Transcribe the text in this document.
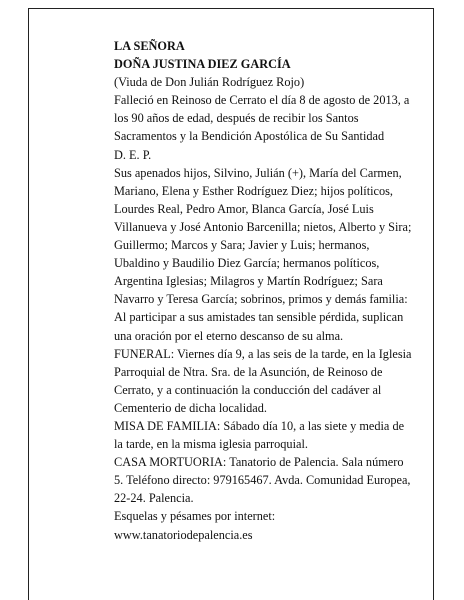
LA SEÑORA

DOÑA JUSTINA DIEZ GARCÍA

(Viuda de Don Julián Rodríguez Rojo)

Falleció en Reinoso de Cerrato el día 8 de agosto de 2013, a los 90 años de edad, después de recibir los Santos Sacramentos y la Bendición Apostólica de Su Santidad

D. E. P.

Sus apenados hijos, Silvino, Julián (+), María del Carmen, Mariano, Elena y Esther Rodríguez Diez; hijos políticos, Lourdes Real, Pedro Amor, Blanca García, José Luis Villanueva y José Antonio Barcenilla; nietos, Alberto y Sira; Guillermo; Marcos y Sara; Javier y Luis; hermanos, Ubaldino y Baudilio Diez García; hermanos políticos, Argentina Iglesias; Milagros y Martín Rodríguez; Sara Navarro y Teresa García; sobrinos, primos y demás familia:

Al participar a sus amistades tan sensible pérdida, suplican una oración por el eterno descanso de su alma.

FUNERAL: Viernes día 9, a las seis de la tarde, en la Iglesia Parroquial de Ntra. Sra. de la Asunción, de Reinoso de Cerrato, y a continuación la conducción del cadáver al Cementerio de dicha localidad.

MISA DE FAMILIA: Sábado día 10, a las siete y media de la tarde, en la misma iglesia parroquial.

CASA MORTUORIA: Tanatorio de Palencia. Sala número 5. Teléfono directo: 979165467. Avda. Comunidad Europea, 22-24. Palencia.

Esquelas y pésames por internet:

www.tanatoriodepalencia.es
